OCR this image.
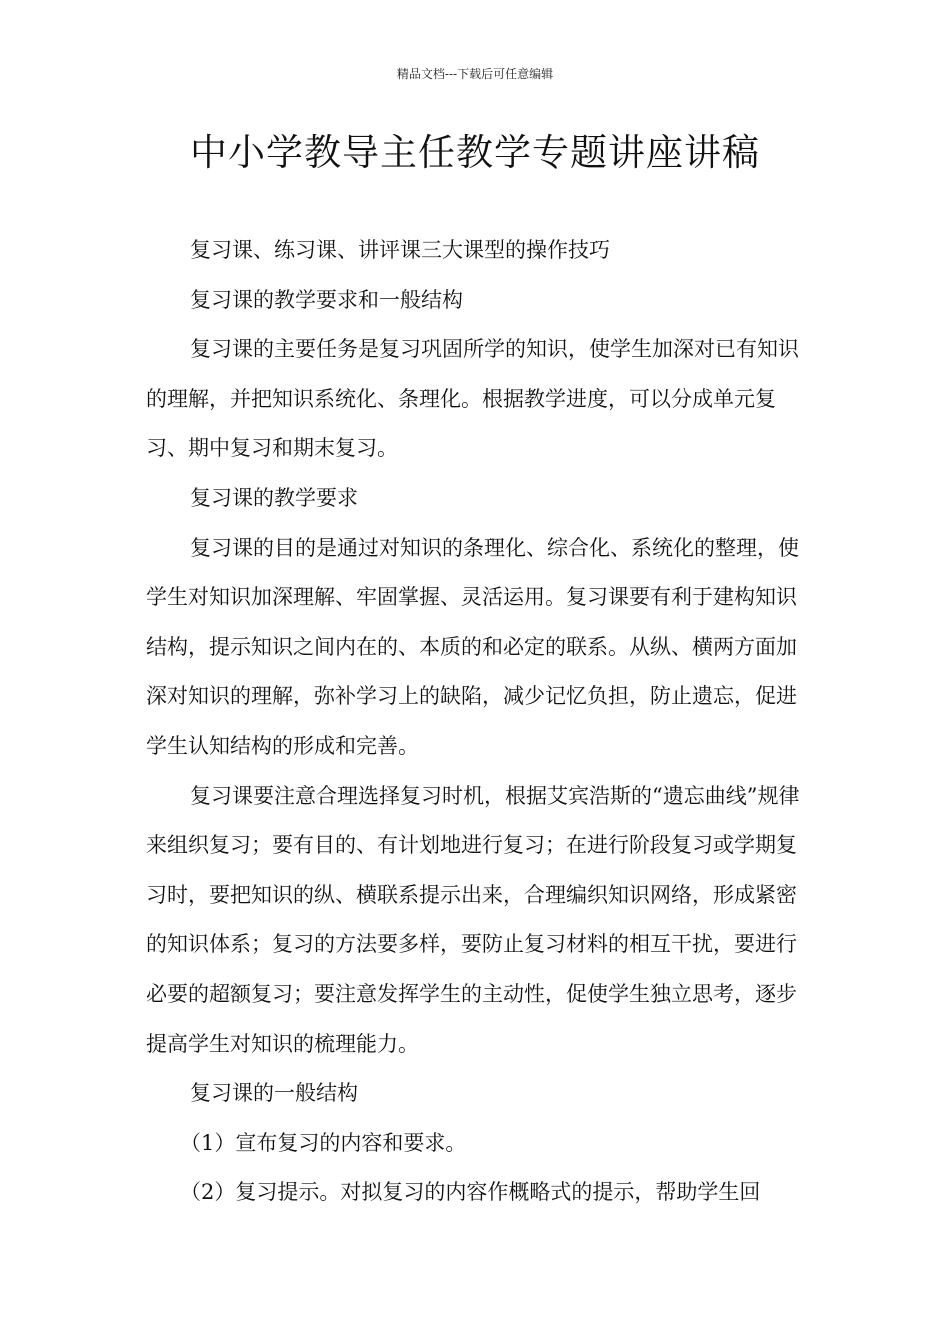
精品文档---下载后可任意编辑
中小学教导主任教学专题讲座讲稿

复习课、练习课、讲评课三大课型的操作技巧

复习课的教学要求和一般结构

复习课的主要任务是复习巩固所学的知识，使学生加深对已有知识的理解，并把知识系统化、条理化。根据教学进度，可以分成单元复习、期中复习和期末复习。

复习课的教学要求

复习课的目的是通过对知识的条理化、综合化、系统化的整理，使学生对知识加深理解、牢固掌握、灵活运用。复习课要有利于建构知识结构，提示知识之间内在的、本质的和必定的联系。从纵、横两方面加深对知识的理解，弥补学习上的缺陷，减少记忆负担，防止遗忘，促进学生认知结构的形成和完善。

复习课要注意合理选择复习时机，根据艾宾浩斯的“遗忘曲线”规律来组织复习；要有目的、有计划地进行复习；在进行阶段复习或学期复习时，要把知识的纵、横联系提示出来，合理编织知识网络，形成紧密的知识体系；复习的方法要多样，要防止复习材料的相互干扰，要进行必要的超额复习；要注意发挥学生的主动性，促使学生独立思考，逐步提高学生对知识的梳理能力。

复习课的一般结构

（1）宣布复习的内容和要求。

（2）复习提示。对拟复习的内容作概略式的提示，帮助学生回
